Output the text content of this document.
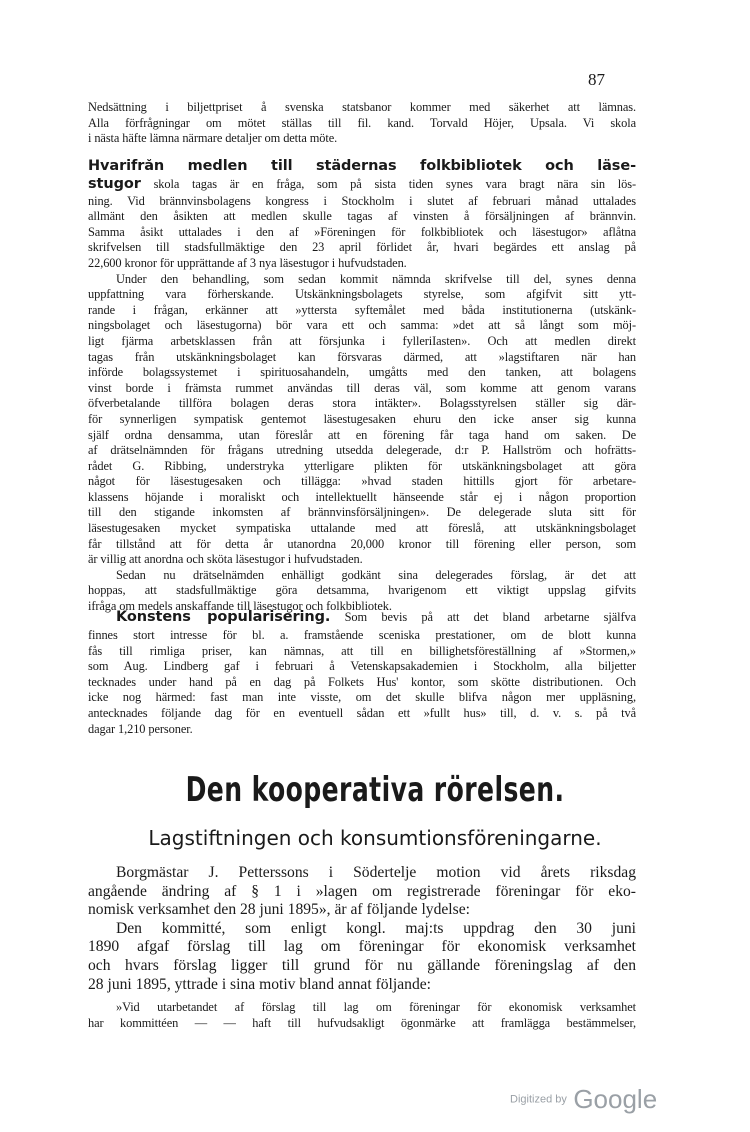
87
Nedsättning i biljettpriset å svenska statsbanor kommer med säkerhet att lämnas.
Alla förfrågningar om mötet ställas till fil. kand. Torvald Höjer, Upsala. Vi skola
i nästa häfte lämna närmare detaljer om detta möte.
Hvarifrån medlen till städernas folkbibliotek och läse-
stugor skola tagas är en fråga, som på sista tiden synes vara bragt nära sin lös-
ning. Vid brännvinsbolagens kongress i Stockholm i slutet af februari månad uttalades
allmänt den åsikten att medlen skulle tagas af vinsten å försäljningen af brännvin.
Samma åsikt uttalades i den af »Föreningen för folkbibliotek och läsestugor» aflåtna
skrifvelsen till stadsfullmäktige den 23 april förlidet år, hvari begärdes ett anslag på
22,600 kronor för upprättande af 3 nya läsestugor i hufvudstaden.
Under den behandling, som sedan kommit nämnda skrifvelse till del, synes denna
uppfattning vara förherskande. Utskänkningsbolagets styrelse, som afgifvit sitt ytt-
rande i frågan, erkänner att »yttersta syftemålet med båda institutionerna (utskänk-
ningsbolaget och läsestugorna) bör vara ett och samma: »det att så långt som möj-
ligt fjärma arbetsklassen från att försjunka i fylleriIasten». Och att medlen direkt
tagas från utskänkningsbolaget kan försvaras därmed, att »lagstiftaren när han
införde bolagssystemet i spirituosahandeln, umgåtts med den tanken, att bolagens
vinst borde i främsta rummet användas till deras väl, som komme att genom varans
öfverbetalande tillföra bolagen deras stora intäkter». Bolagsstyrelsen ställer sig där-
för synnerligen sympatisk gentemot läsestugesaken ehuru den icke anser sig kunna
själf ordna densamma, utan föreslår att en förening får taga hand om saken. De
af drätselnämnden för frågans utredning utsedda delegerade, d:r P. Hallström och hofrätts-
rådet G. Ribbing, understryka ytterligare plikten för utskänkningsbolaget att göra
något för läsestugesaken och tillägga: »hvad staden hittills gjort för arbetare-
klassens höjande i moraliskt och intellektuellt hänseende står ej i någon proportion
till den stigande inkomsten af brännvinsförsäljningen». De delegerade sluta sitt för
läsestugesaken mycket sympatiska uttalande med att föreslå, att utskänkningsbolaget
får tillstånd att för detta år utanordna 20,000 kronor till förening eller person, som
är villig att anordna och sköta läsestugor i hufvudstaden.
Sedan nu drätselnämden enhälligt godkänt sina delegerades förslag, är det att
hoppas, att stadsfullmäktige göra detsamma, hvarigenom ett viktigt uppslag gifvits
ifråga om medels anskaffande till läsestugor och folkbibliotek.
Konstens popularisering. Som bevis på att det bland arbetarne själfva
finnes stort intresse för bl. a. framstående sceniska prestationer, om de blott kunna
fås till rimliga priser, kan nämnas, att till en billighetsföreställning af »Stormen,»
som Aug. Lindberg gaf i februari å Vetenskapsakademien i Stockholm, alla biljetter
tecknades under hand på en dag på Folkets Hus' kontor, som skötte distributionen. Och
icke nog härmed: fast man inte visste, om det skulle blifva någon mer uppläsning,
antecknades följande dag för en eventuell sådan ett »fullt hus» till, d. v. s. på två
dagar 1,210 personer.
Den kooperativa rörelsen.
Lagstiftningen och konsumtionsföreningarne.
Borgmästar J. Petterssons i Södertelje motion vid årets riksdag
angående ändring af § 1 i »lagen om registrerade föreningar för eko-
nomisk verksamhet den 28 juni 1895», är af följande lydelse:
Den kommitté, som enligt kongl. maj:ts uppdrag den 30 juni
1890 afgaf förslag till lag om föreningar för ekonomisk verksamhet
och hvars förslag ligger till grund för nu gällande föreningslag af den
28 juni 1895, yttrade i sina motiv bland annat följande:
»Vid utarbetandet af förslag till lag om föreningar för ekonomisk verksamhet
har kommittéen — — haft till hufvudsakligt ögonmärke att framlägga bestämmelser,
Digitized by Google
